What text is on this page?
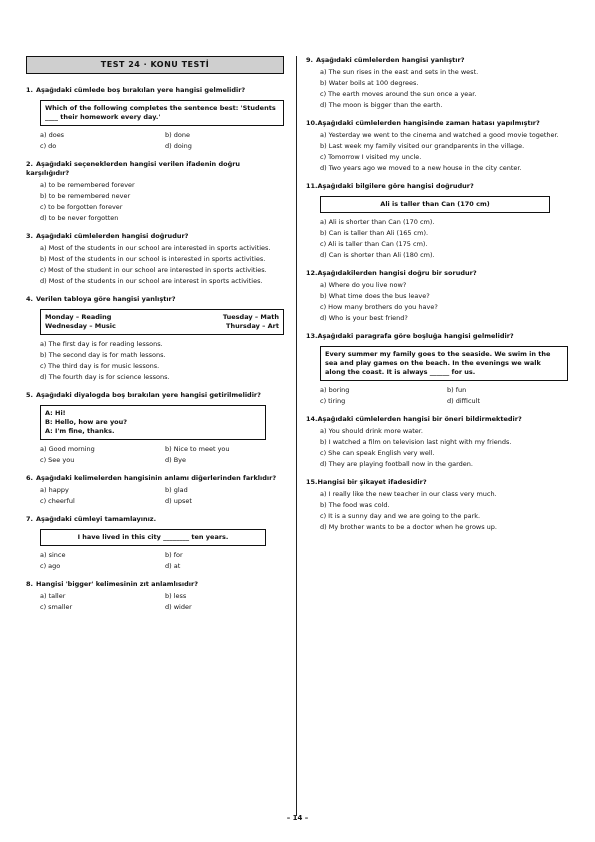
TEST 24 · KONU TESTİ
1.Aşağıdaki cümlede boş bırakılan yere hangisi gelmelidir?
Which of the following completes the sentence best: 'Students ____ their homework every day.'
a) does	b) done
c) do	d) doing
2.Aşağıdaki seçeneklerden hangisi verilen ifadenin doğru karşılığıdır?
a) to be remembered forever
b) to be remembered never
c) to be forgotten forever
d) to be never forgotten
3.Aşağıdaki cümlelerden hangisi doğrudur?
a) Most of the students in our school are interested in sports activities.
b) Most of the students in our school is interested in sports activities.
c) Most of the student in our school are interested in sports activities.
d) Most of the students in our school are interest in sports activities.
4.Verilen tabloya göre hangisi yanlıştır?
Monday – Reading	Tuesday – Math
Wednesday – Music	Thursday – Art
a) The first day is for reading lessons.
b) The second day is for math lessons.
c) The third day is for music lessons.
d) The fourth day is for science lessons.
5.Aşağıdaki diyalogda boş bırakılan yere hangisi getirilmelidir?
A: Hi!
B: Hello, how are you?
A: I'm fine, thanks.
a) Good morning	b) Nice to meet you
c) See you	d) Bye
6.Aşağıdaki kelimelerden hangisinin anlamı diğerlerinden farklıdır?
a) happy	b) glad
c) cheerful	d) upset
7.Aşağıdaki cümleyi tamamlayınız.
I have lived in this city ________ ten years.
a) since	b) for
c) ago	d) at
8.Hangisi 'bigger' kelimesinin zıt anlamlısıdır?
a) taller	b) less
c) smaller	d) wider
9.Aşağıdaki cümlelerden hangisi yanlıştır?
a) The sun rises in the east and sets in the west.
b) Water boils at 100 degrees.
c) The earth moves around the sun once a year.
d) The moon is bigger than the earth.
10.Aşağıdaki cümlelerden hangisinde zaman hatası yapılmıştır?
a) Yesterday we went to the cinema and watched a good movie together.
b) Last week my family visited our grandparents in the village.
c) Tomorrow I visited my uncle.
d) Two years ago we moved to a new house in the city center.
11.Aşağıdaki bilgilere göre hangisi doğrudur?
Ali is taller than Can (170 cm)
a) Ali is shorter than Can (170 cm).
b) Can is taller than Ali (165 cm).
c) Ali is taller than Can (175 cm).
d) Can is shorter than Ali (180 cm).
12.Aşağıdakilerden hangisi doğru bir sorudur?
a) Where do you live now?
b) What time does the bus leave?
c) How many brothers do you have?
d) Who is your best friend?
13.Aşağıdaki paragrafa göre boşluğa hangisi gelmelidir?
Every summer my family goes to the seaside. We swim in the sea and play games on the beach. In the evenings we walk along the coast. It is always ______ for us.
a) boring	b) fun
c) tiring	d) difficult
14.Aşağıdaki cümlelerden hangisi bir öneri bildirmektedir?
a) You should drink more water.
b) I watched a film on television last night with my friends.
c) She can speak English very well.
d) They are playing football now in the garden.
15.Hangisi bir şikayet ifadesidir?
a) I really like the new teacher in our class very much.
b) The food was cold.
c) It is a sunny day and we are going to the park.
d) My brother wants to be a doctor when he grows up.
– 14 –
